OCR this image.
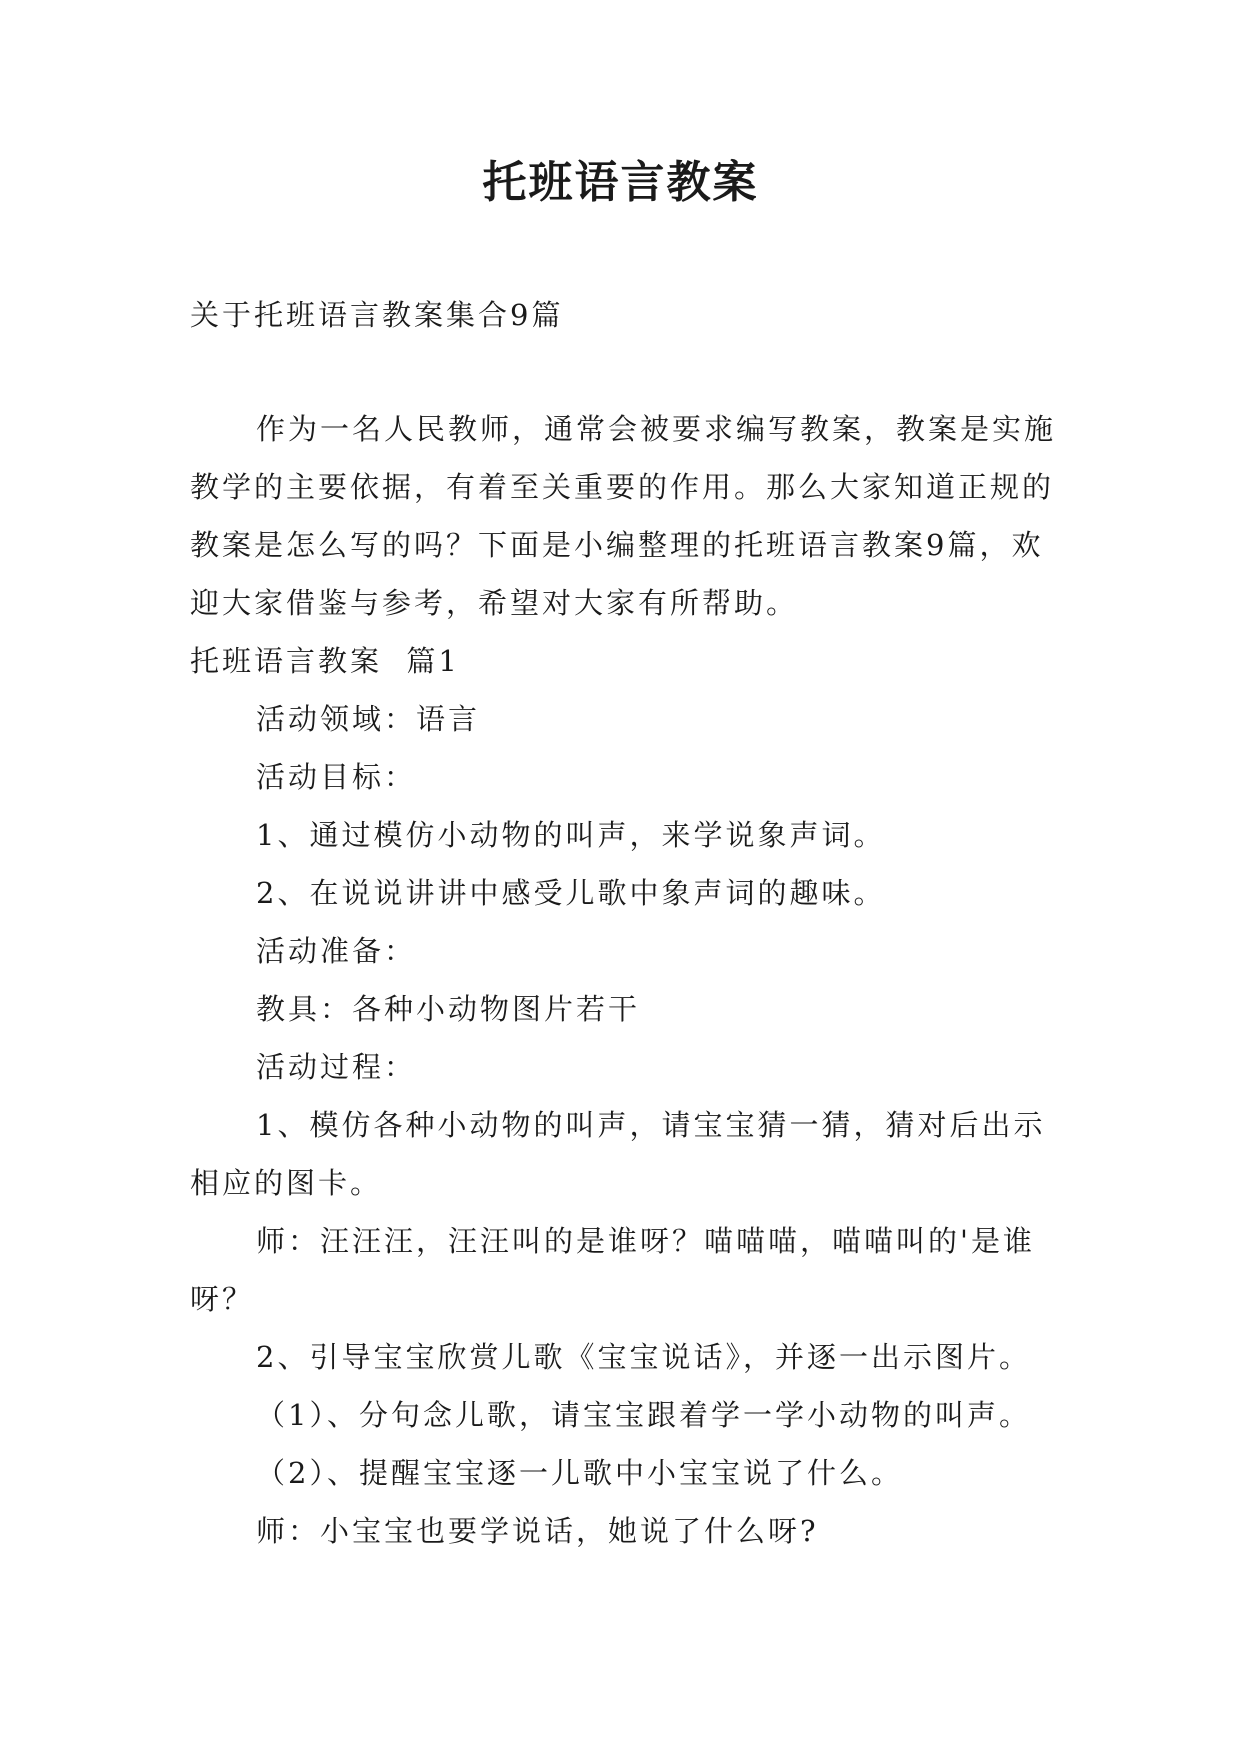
托班语言教案

关于托班语言教案集合9篇

作为一名人民教师，通常会被要求编写教案，教案是实施教学的主要依据，有着至关重要的作用。那么大家知道正规的教案是怎么写的吗？下面是小编整理的托班语言教案9篇，欢迎大家借鉴与参考，希望对大家有所帮助。

托班语言教案  篇1

活动领域：语言

活动目标：

1、通过模仿小动物的叫声，来学说象声词。

2、在说说讲讲中感受儿歌中象声词的趣味。

活动准备：

教具：各种小动物图片若干

活动过程：

1、模仿各种小动物的叫声，请宝宝猜一猜，猜对后出示相应的图卡。

师：汪汪汪，汪汪叫的是谁呀？喵喵喵，喵喵叫的'是谁呀？

2、引导宝宝欣赏儿歌《宝宝说话》，并逐一出示图片。

（1）、分句念儿歌，请宝宝跟着学一学小动物的叫声。

（2）、提醒宝宝逐一儿歌中小宝宝说了什么。

师：小宝宝也要学说话，她说了什么呀?
